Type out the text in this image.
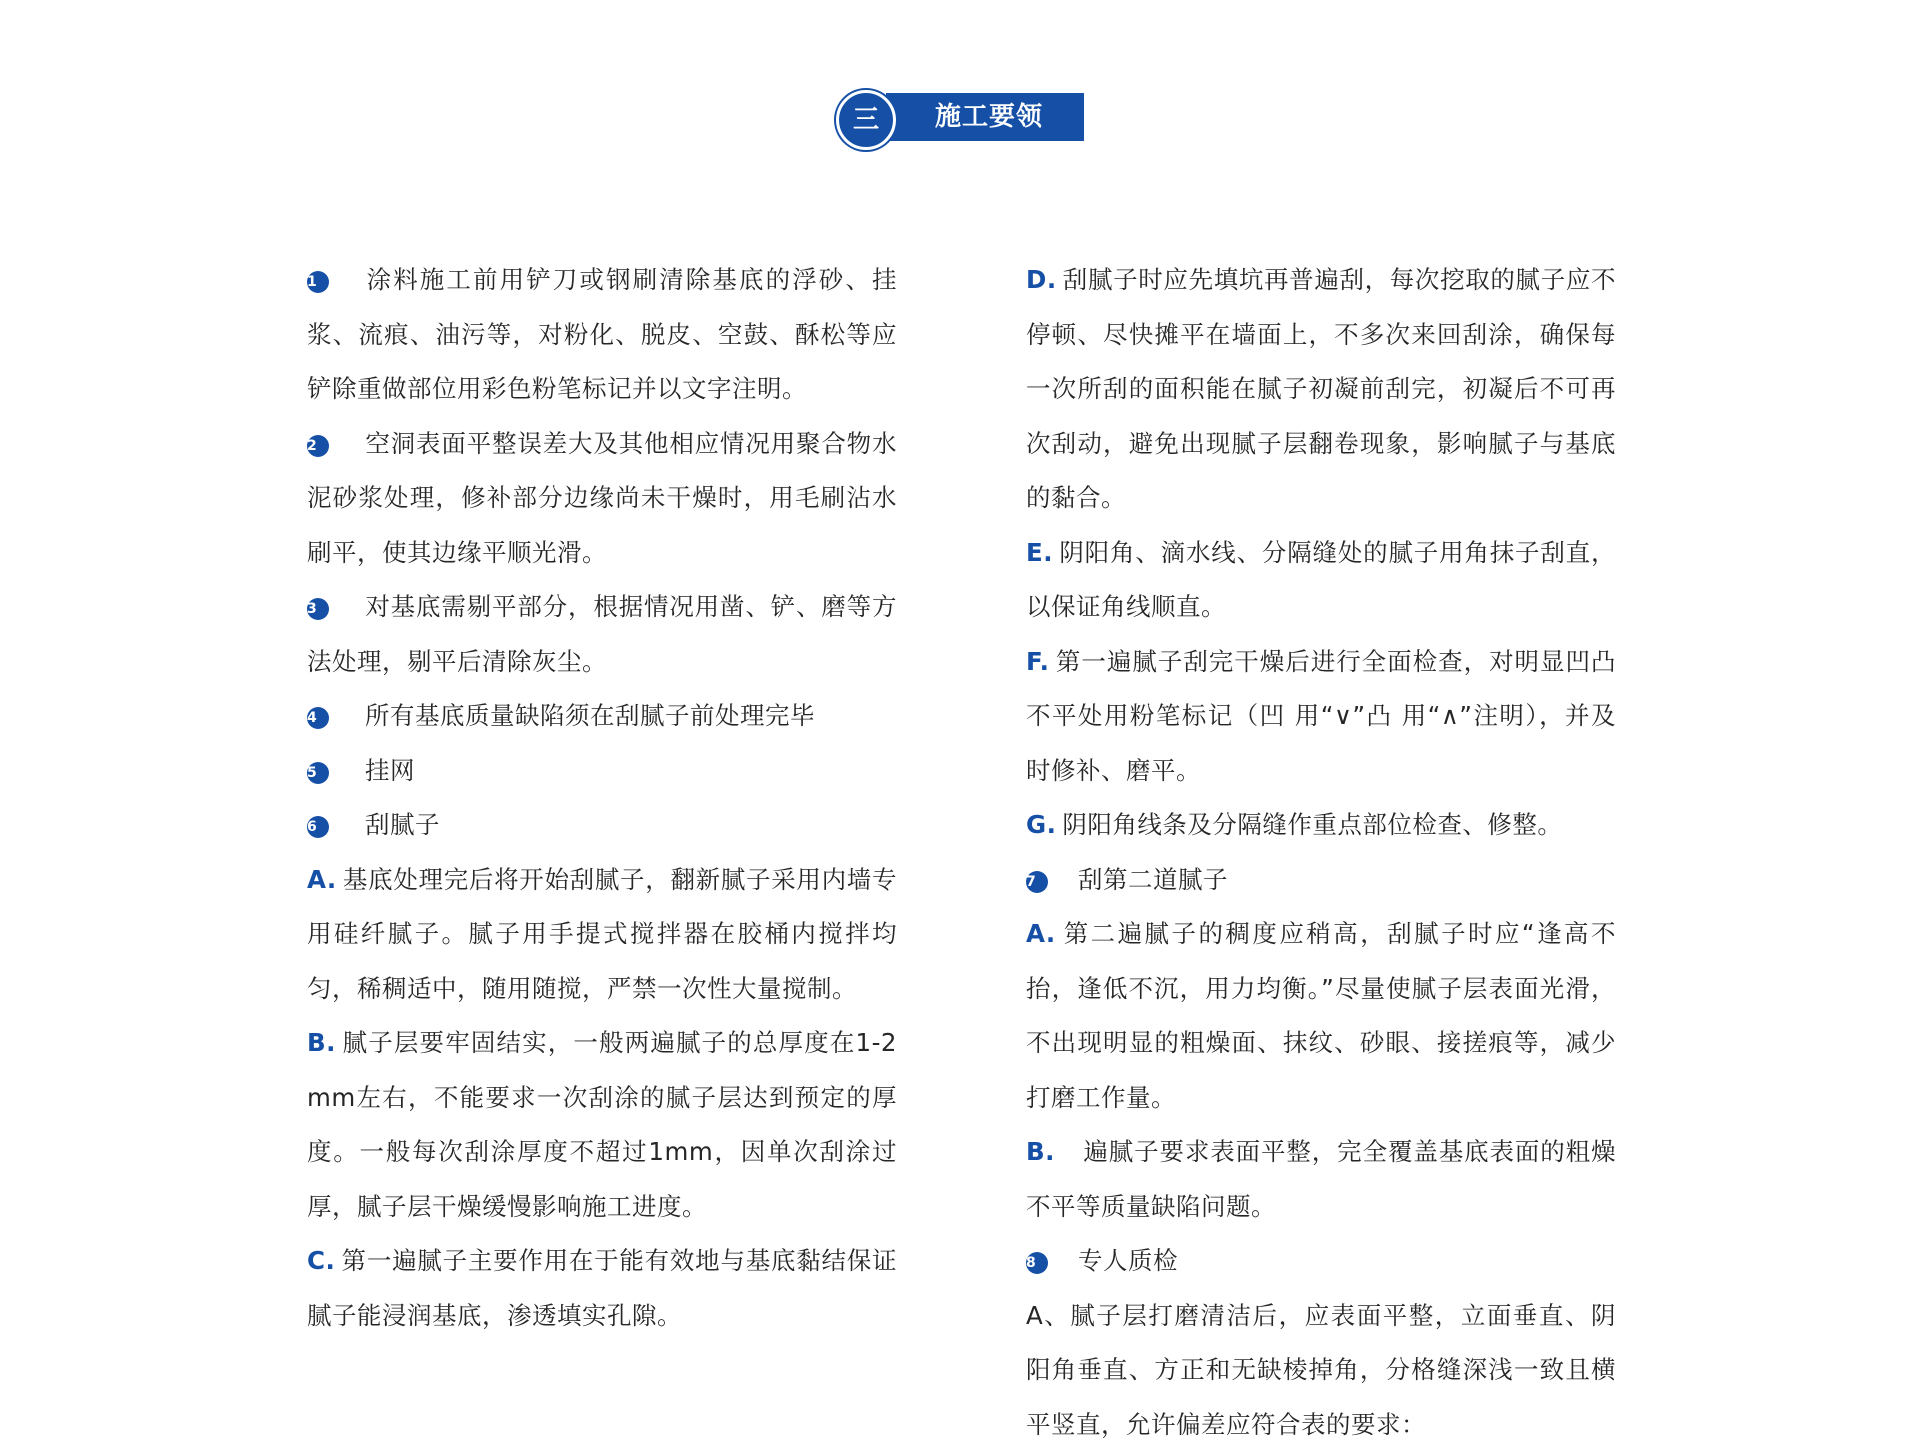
三	施工要领

1 涂料施工前用铲刀或钢刷清除基底的浮砂、挂浆、流痕、油污等，对粉化、脱皮、空鼓、酥松等应铲除重做部位用彩色粉笔标记并以文字注明。

2 空洞表面平整误差大及其他相应情况用聚合物水泥砂浆处理，修补部分边缘尚未干燥时，用毛刷沾水刷平，使其边缘平顺光滑。

3 对基底需剔平部分，根据情况用凿、铲、磨等方法处理，剔平后清除灰尘。

4 所有基底质量缺陷须在刮腻子前处理完毕

5 挂网

6 刮腻子

A. 基底处理完后将开始刮腻子，翻新腻子采用内墙专用硅纤腻子。腻子用手提式搅拌器在胶桶内搅拌均匀，稀稠适中，随用随搅，严禁一次性大量搅制。

B. 腻子层要牢固结实，一般两遍腻子的总厚度在1-2 mm左右，不能要求一次刮涂的腻子层达到预定的厚度。一般每次刮涂厚度不超过1mm，因单次刮涂过厚，腻子层干燥缓慢影响施工进度。

C. 第一遍腻子主要作用在于能有效地与基底黏结保证腻子能浸润基底，渗透填实孔隙。

D. 刮腻子时应先填坑再普遍刮，每次挖取的腻子应不停顿、尽快摊平在墙面上，不多次来回刮涂，确保每一次所刮的面积能在腻子初凝前刮完，初凝后不可再次刮动，避免出现腻子层翻卷现象，影响腻子与基底的黏合。

E. 阴阳角、滴水线、分隔缝处的腻子用角抹子刮直，以保证角线顺直。

F. 第一遍腻子刮完干燥后进行全面检查，对明显凹凸不平处用粉笔标记（凹 用“∨”凸 用“∧”注明），并及时修补、磨平。

G. 阴阳角线条及分隔缝作重点部位检查、修整。

7 刮第二道腻子

A. 第二遍腻子的稠度应稍高，刮腻子时应“逢高不抬，逢低不沉，用力均衡。”尽量使腻子层表面光滑，不出现明显的粗燥面、抹纹、砂眼、接搓痕等，减少打磨工作量。

B. 遍腻子要求表面平整，完全覆盖基底表面的粗燥不平等质量缺陷问题。

8 专人质检

A、腻子层打磨清洁后，应表面平整，立面垂直、阴阳角垂直、方正和无缺棱掉角，分格缝深浅一致且横平竖直，允许偏差应符合表的要求：
